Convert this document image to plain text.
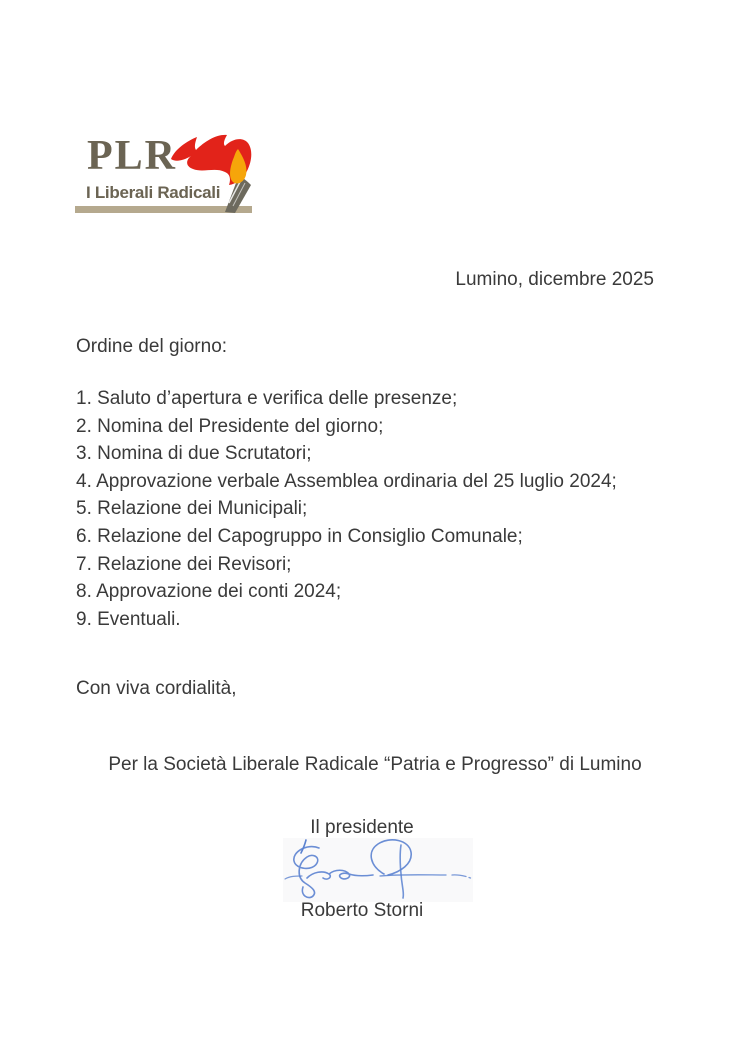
PLR
I Liberali Radicali
Lumino, dicembre 2025
Ordine del giorno:
1. Saluto d’apertura e verifica delle presenze;
2. Nomina del Presidente del giorno;
3. Nomina di due Scrutatori;
4. Approvazione verbale Assemblea ordinaria del 25 luglio 2024;
5. Relazione dei Municipali;
6. Relazione del Capogruppo in Consiglio Comunale;
7. Relazione dei Revisori;
8. Approvazione dei conti 2024;
9. Eventuali.
Con viva cordialità,
Per la Società Liberale Radicale “Patria e Progresso” di Lumino
Il presidente
Roberto Storni
